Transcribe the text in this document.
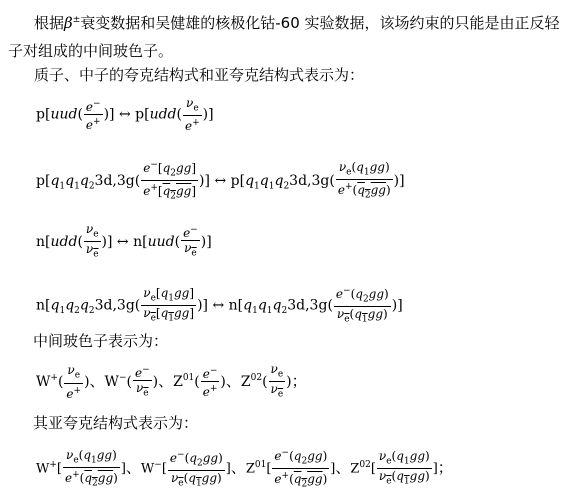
根据β±衰变数据和吴健雄的核极化钴-60 实验数据，该场约束的只能是由正反轻子对组成的中间玻色子。
质子、中子的夸克结构式和亚夸克结构式表示为：
$p[uud( \frac{e^-}{e^+}$ )] ↔ $p[udd( \frac{\nu_e}{e^+}$ )]
$p[q_1q_1q_23d,3g( \frac{e^-[q_2gg]}{e^+[q_2gg]}$ )] ↔ $p[q_1q_1q_23d,3g( \frac{\nu_e(q_1gg)}{e^+(q_2gg)}$ )]
$n[udd( \frac{\nu_e}{\nu_e}$ )] ↔ $n[uud( \frac{e^-}{\nu_e}$ )]
$n[q_1q_2q_23d,3g( \frac{\nu_e[q_1gg]}{\nu_e[q_1gg]}$ )] ↔ $n[q_1q_1q_23d,3g( \frac{e^-(q_2gg)}{\nu_e(q_1gg)}$ )]
中间玻色子表示为：
$W^+( \frac{\nu_e}{e^+}$ )、$W^-( \frac{e^-}{\nu_e}$ )、$Z^{01}( \frac{e^-}{e^+}$ )、$Z^{02}( \frac{\nu_e}{\nu_e}$ )；
其亚夸克结构式表示为：
$W^+[ \frac{\nu_e(q_1gg)}{e^+(q_2gg)}$ ]、$W^-[ \frac{e^-(q_2gg)}{\nu_e(q_1gg)}$ ]、$Z^{01}[ \frac{e^-(q_2gg)}{e^+(q_2gg)}$ ]、$Z^{02}[ \frac{\nu_e(q_1gg)}{\nu_e(q_1gg)}$ ]；
